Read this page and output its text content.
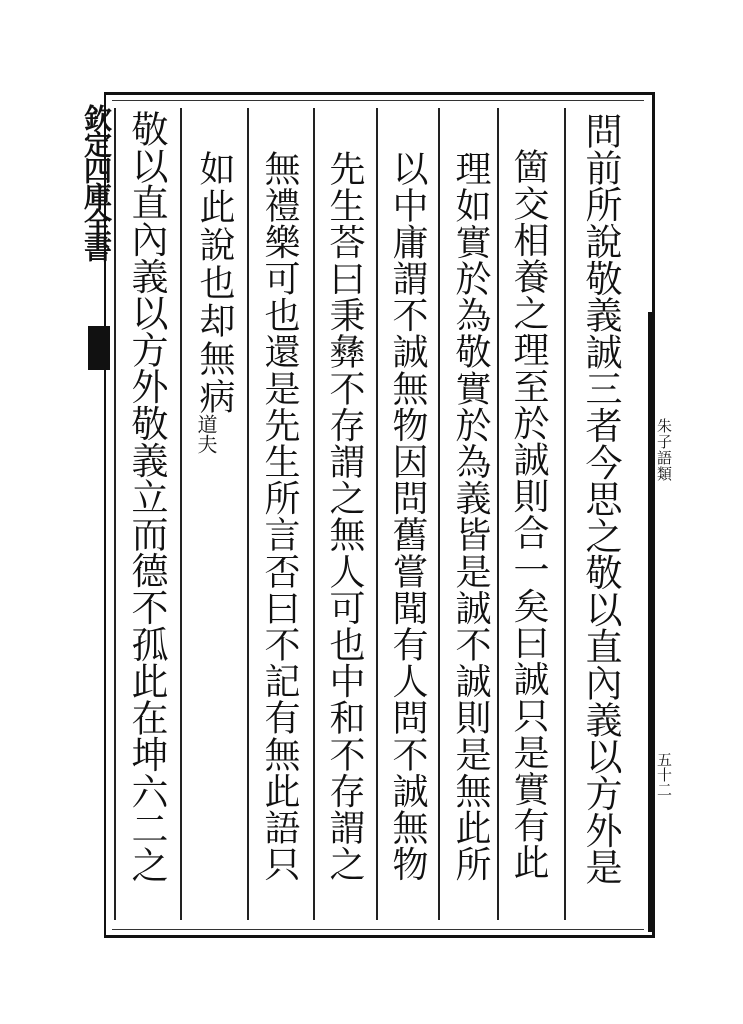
欽定四庫全書
朱子語類
五十二
問前所說敬義誠三者今思之敬以直內義以方外是
箇交相養之理至於誠則合一矣曰誠只是實有此
理如實於為敬實於為義皆是誠不誠則是無此所
以中庸謂不誠無物因問舊嘗聞有人問不誠無物
先生荅曰秉彝不存謂之無人可也中和不存謂之
無禮樂可也還是先生所言否曰不記有無此語只
如此說也却無病
道夫
敬以直內義以方外敬義立而德不孤此在坤六二之
